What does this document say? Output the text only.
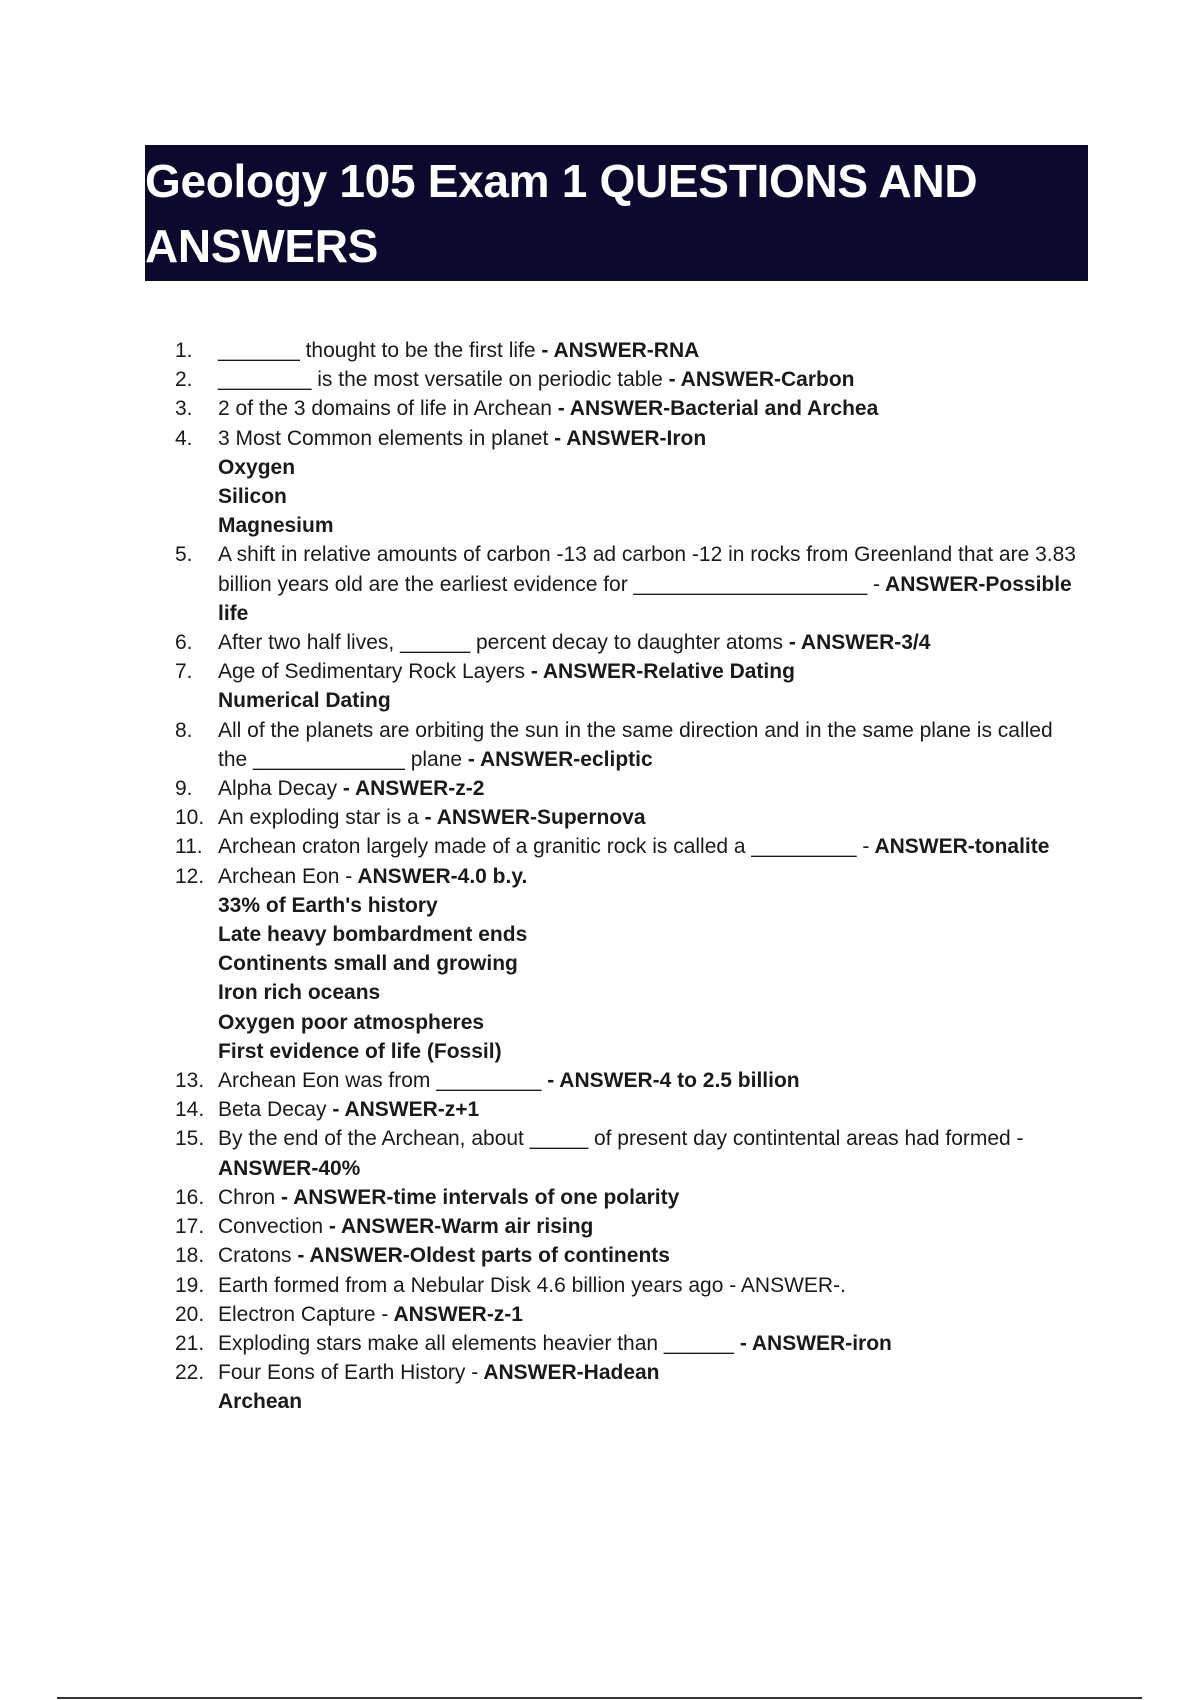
Geology 105 Exam 1 QUESTIONS AND ANSWERS
1.	_______ thought to be the first life - ANSWER-RNA
2.	________ is the most versatile on periodic table - ANSWER-Carbon
3.	2 of the 3 domains of life in Archean - ANSWER-Bacterial and Archea
4.	3 Most Common elements in planet - ANSWER-Iron
Oxygen
Silicon
Magnesium
5.	A shift in relative amounts of carbon -13 ad carbon -12 in rocks from Greenland that are 3.83 billion years old are the earliest evidence for ____________________ - ANSWER-Possible life
6.	After two half lives, ______ percent decay to daughter atoms - ANSWER-3/4
7.	Age of Sedimentary Rock Layers - ANSWER-Relative Dating
Numerical Dating
8.	All of the planets are orbiting the sun in the same direction and in the same plane is called the _____________ plane - ANSWER-ecliptic
9.	Alpha Decay - ANSWER-z-2
10. An exploding star is a - ANSWER-Supernova
11. Archean craton largely made of a granitic rock is called a _________ - ANSWER-tonalite
12. Archean Eon - ANSWER-4.0 b.y.
33% of Earth's history
Late heavy bombardment ends
Continents small and growing
Iron rich oceans
Oxygen poor atmospheres
First evidence of life (Fossil)
13. Archean Eon was from _________ - ANSWER-4 to 2.5 billion
14. Beta Decay - ANSWER-z+1
15. By the end of the Archean, about _____ of present day contintental areas had formed - ANSWER-40%
16. Chron - ANSWER-time intervals of one polarity
17. Convection - ANSWER-Warm air rising
18. Cratons - ANSWER-Oldest parts of continents
19. Earth formed from a Nebular Disk 4.6 billion years ago - ANSWER-.
20. Electron Capture - ANSWER-z-1
21. Exploding stars make all elements heavier than ______ - ANSWER-iron
22. Four Eons of Earth History - ANSWER-Hadean
Archean
